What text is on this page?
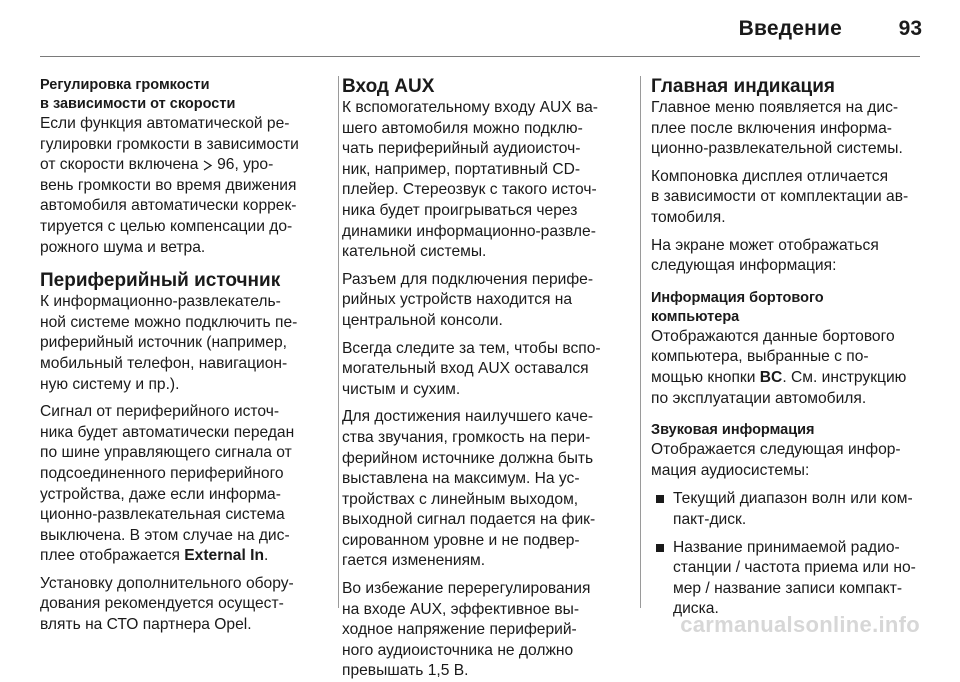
Введение	93

Регулировка громкости
в зависимости от скорости

Если функция автоматической ре-
гулировки громкости в зависимости
от скорости включена
96, уро-
вень громкости во время движения
автомобиля автоматически коррек-
тируется с целью компенсации до-
рожного шума и ветра.

Периферийный источник

К информационно-развлекатель-
ной системе можно подключить пе-
риферийный источник (например,
мобильный телефон, навигацион-
ную систему и пр.).

Сигнал от периферийного источ-
ника будет автоматически передан
по шине управляющего сигнала от
подсоединенного периферийного
устройства, даже если информа-
ционно-развлекательная система
выключена. В этом случае на дис-
плее отображается External In.

Установку дополнительного обору-
дования рекомендуется осущест-
влять на СТО партнера Opel.

Вход AUX

К вспомогательному входу AUX ва-
шего автомобиля можно подклю-
чать периферийный аудиоисточ-
ник, например, портативный CD-
плейер. Стереозвук с такого источ-
ника будет проигрываться через
динамики информационно-развле-
кательной системы.

Разъем для подключения перифе-
рийных устройств находится на
центральной консоли.

Всегда следите за тем, чтобы вспо-
могательный вход AUX оставался
чистым и сухим.

Для достижения наилучшего каче-
ства звучания, громкость на пери-
ферийном источнике должна быть
выставлена на максимум. На ус-
тройствах с линейным выходом,
выходной сигнал подается на фик-
сированном уровне и не подвер-
гается изменениям.

Во избежание перерегулирования
на входе AUX, эффективное вы-
ходное напряжение периферий-
ного аудиоисточника не должно
превышать 1,5 В.

Главная индикация

Главное меню появляется на дис-
плее после включения информа-
ционно-развлекательной системы.

Компоновка дисплея отличается
в зависимости от комплектации ав-
томобиля.

На экране может отображаться
следующая информация:

Информация бортового
компьютера

Отображаются данные бортового
компьютера, выбранные с по-
мощью кнопки BC. См. инструкцию
по эксплуатации автомобиля.

Звуковая информация

Отображается следующая инфор-
мация аудиосистемы:

Текущий диапазон волн или ком-
пакт-диск.
Название принимаемой радио-
станции / частота приема или но-
мер / название записи компакт-
диска.
carmanualsonline.info
